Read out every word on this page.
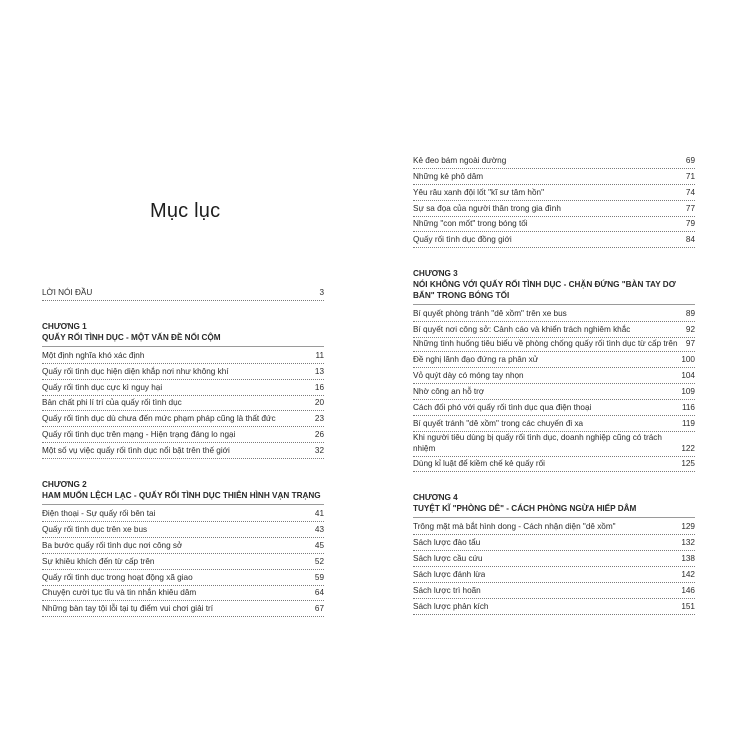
Mục lục
LỜI NÓI ĐẦU	3
CHƯƠNG 1
QUẤY RỐI TÌNH DỤC - MỘT VẤN ĐỀ NỔI CỘM
Một định nghĩa khó xác định	11
Quấy rối tình dục hiện diện khắp nơi như không khí	13
Quấy rối tình dục cực kì nguy hại	16
Bản chất phi lí trí của quấy rối tình dục	20
Quấy rối tình dục dù chưa đến mức phạm pháp cũng là thất đức	23
Quấy rối tình dục trên mạng - Hiện trạng đáng lo ngại	26
Một số vụ việc quấy rối tình dục nổi bật trên thế giới	32
CHƯƠNG 2
HAM MUỐN LỆCH LẠC - QUẤY RỐI TÌNH DỤC THIÊN HÌNH VẠN TRẠNG
Điện thoại - Sự quấy rối bên tai	41
Quấy rối tình dục trên xe bus	43
Ba bước quấy rối tình dục nơi công sở	45
Sự khiêu khích đến từ cấp trên	52
Quấy rối tình dục trong hoạt động xã giao	59
Chuyện cười tục tĩu và tin nhắn khiêu dâm	64
Những bàn tay tội lỗi tại tụ điểm vui chơi giải trí	67
Kẻ đeo bám ngoài đường	69
Những kẻ phô dâm	71
Yêu râu xanh đội lốt "kĩ sư tâm hồn"	74
Sự sa đọa của người thân trong gia đình	77
Những "con mốt" trong bóng tối	79
Quấy rối tình dục đồng giới	84
CHƯƠNG 3
NÓI KHÔNG VỚI QUẤY RỐI TÌNH DỤC - CHẶN ĐỨNG "BÀN TAY DƠ BẨN" TRONG BÓNG TỐI
Bí quyết phòng tránh "dê xồm" trên xe bus	89
Bí quyết nơi công sở: Cảnh cáo và khiển trách nghiêm khắc	92
Những tình huống tiêu biểu về phòng chống quấy rối tình dục từ cấp trên	97
Đề nghị lãnh đạo đứng ra phân xử	100
Vỏ quýt dày có móng tay nhọn	104
Nhờ công an hỗ trợ	109
Cách đối phó với quấy rối tình dục qua điện thoại	116
Bí quyết tránh "dê xồm" trong các chuyến đi xa	119
Khi người tiêu dùng bị quấy rối tình dục, doanh nghiệp cũng có trách nhiệm	122
Dùng kỉ luật để kiềm chế kẻ quấy rối	125
CHƯƠNG 4
TUYỆT KĨ "PHÒNG DÊ" - CÁCH PHÒNG NGỪA HIẾP DÂM
Trông mặt mà bắt hình dong - Cách nhận diện "dê xồm"	129
Sách lược đào tẩu	132
Sách lược cầu cứu	138
Sách lược đánh lừa	142
Sách lược trì hoãn	146
Sách lược phản kích	151
